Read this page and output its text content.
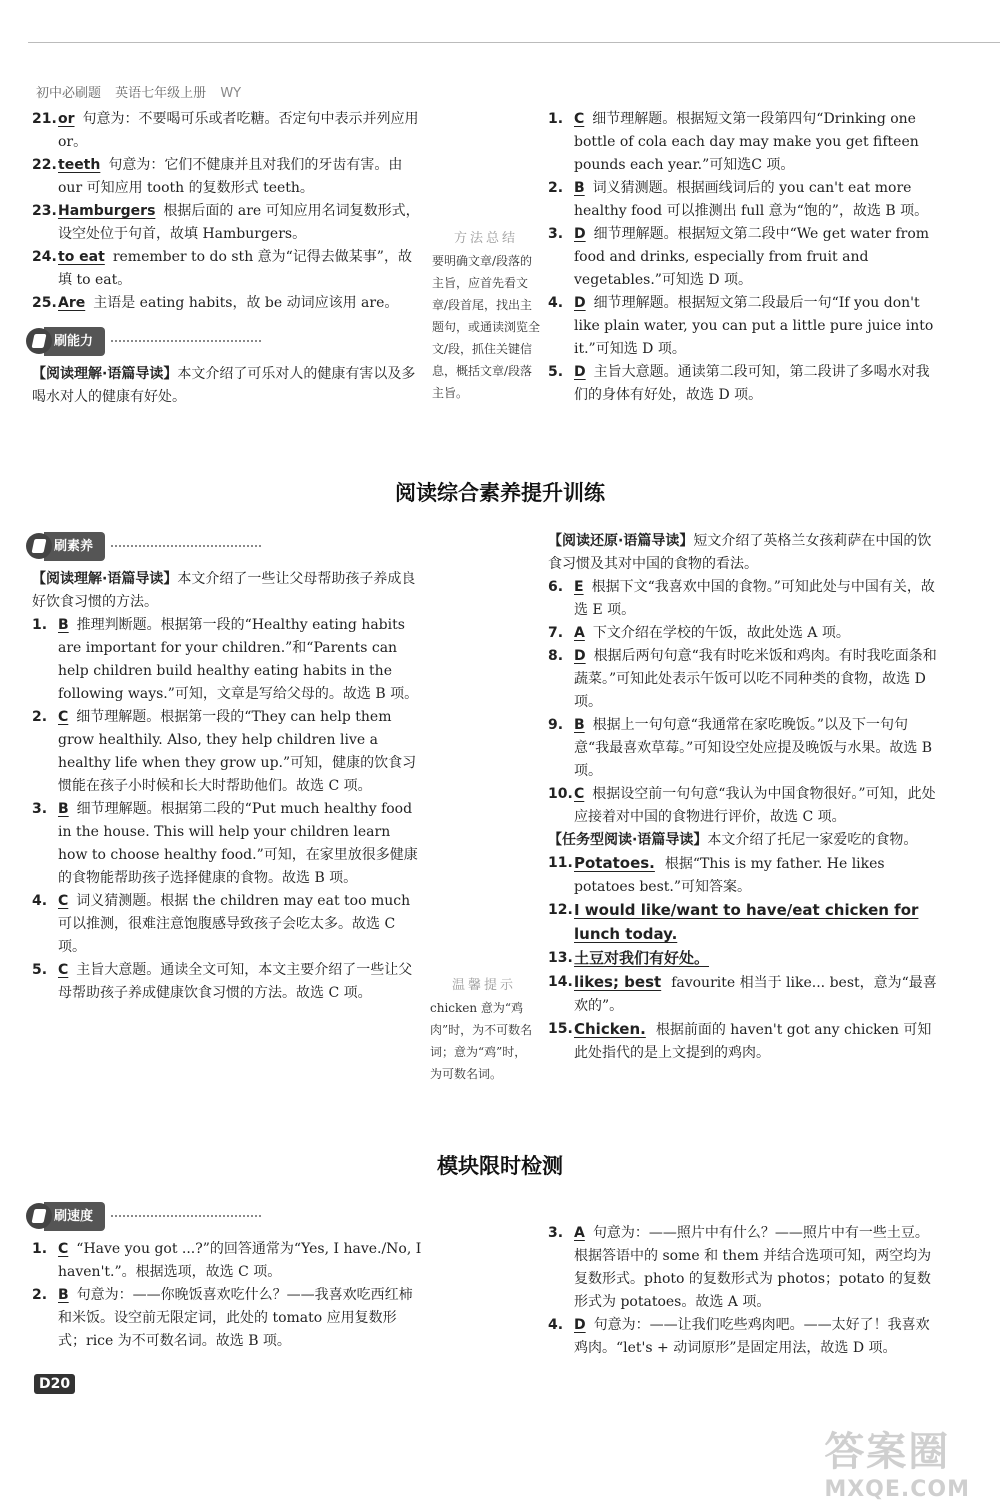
初中必刷题 英语七年级上册 WY
21. or 句意为：不要喝可乐或者吃糖。否定句中表示并列应用 or。
22. teeth 句意为：它们不健康并且对我们的牙齿有害。由 our 可知应用 tooth 的复数形式 teeth。
23. Hamburgers 根据后面的 are 可知应用名词复数形式，设空处位于句首，故填 Hamburgers。
24. to eat remember to do sth 意为“记得去做某事”，故填 to eat。
25. Are 主语是 eating habits，故 be 动词应该用 are。
刷能力
【阅读理解·语篇导读】本文介绍了可乐对人的健康有害以及多喝水对人的健康有好处。
方法总结
要明确文章/段落的主旨，应首先看文章/段首尾，找出主题句，或通读浏览全文/段，抓住关键信息，概括文章/段落主旨。
1. C 细节理解题。根据短文第一段第四句“Drinking one bottle of cola each day may make you get fifteen pounds each year.”可知选C 项。
2. B 词义猜测题。根据画线词后的 you can't eat more healthy food 可以推测出 full 意为“饱的”，故选 B 项。
3. D 细节理解题。根据短文第二段中“We get water from food and drinks, especially from fruit and vegetables.”可知选 D 项。
4. D 细节理解题。根据短文第二段最后一句“If you don't like plain water, you can put a little pure juice into it.”可知选 D 项。
5. D 主旨大意题。通读第二段可知，第二段讲了多喝水对我们的身体有好处，故选 D 项。
阅读综合素养提升训练
刷素养
【阅读理解·语篇导读】本文介绍了一些让父母帮助孩子养成良好饮食习惯的方法。
1. B 推理判断题。根据第一段的“Healthy eating habits are important for your children.”和“Parents can help children build healthy eating habits in the following ways.”可知，文章是写给父母的。故选 B 项。
2. C 细节理解题。根据第一段的“They can help them grow healthily. Also, they help children live a healthy life when they grow up.”可知，健康的饮食习惯能在孩子小时候和长大时帮助他们。故选 C 项。
3. B 细节理解题。根据第二段的“Put much healthy food in the house. This will help your children learn how to choose healthy food.”可知，在家里放很多健康的食物能帮助孩子选择健康的食物。故选 B 项。
4. C 词义猜测题。根据 the children may eat too much 可以推测，很难注意饱腹感导致孩子会吃太多。故选 C 项。
5. C 主旨大意题。通读全文可知，本文主要介绍了一些让父母帮助孩子养成健康饮食习惯的方法。故选 C 项。	温馨提示
chicken 意为“鸡肉”时，为不可数名词；意为“鸡”时，为可数名词。
【阅读还原·语篇导读】短文介绍了英格兰女孩莉萨在中国的饮食习惯及其对中国的食物的看法。
6. E 根据下文“我喜欢中国的食物。”可知此处与中国有关，故选 E 项。
7. A 下文介绍在学校的午饭，故此处选 A 项。
8. D 根据后两句句意“我有时吃米饭和鸡肉。有时我吃面条和蔬菜。”可知此处表示午饭可以吃不同种类的食物，故选 D 项。
9. B 根据上一句句意“我通常在家吃晚饭。”以及下一句句意“我最喜欢草莓。”可知设空处应提及晚饭与水果。故选 B 项。
10. C 根据设空前一句句意“我认为中国食物很好。”可知，此处应接着对中国的食物进行评价，故选 C 项。
【任务型阅读·语篇导读】本文介绍了托尼一家爱吃的食物。
11. Potatoes. 根据“This is my father. He likes potatoes best.”可知答案。
12. I would like/want to have/eat chicken for lunch today.
13. 土豆对我们有好处。
14. likes; best favourite 相当于 like... best，意为“最喜欢的”。
15. Chicken. 根据前面的 haven't got any chicken 可知此处指代的是上文提到的鸡肉。
模块限时检测
刷速度
1. C “Have you got ...?”的回答通常为“Yes, I have./No, I haven't.”。根据选项，故选 C 项。
2. B 句意为：——你晚饭喜欢吃什么？——我喜欢吃西红柿和米饭。设空前无限定词，此处的 tomato 应用复数形式；rice 为不可数名词。故选 B 项。
3. A 句意为：——照片中有什么？——照片中有一些土豆。根据答语中的 some 和 them 并结合选项可知，两空均为复数形式。photo 的复数形式为 photos；potato 的复数形式为 potatoes。故选 A 项。
4. D 句意为：——让我们吃些鸡肉吧。——太好了！我喜欢鸡肉。“let's + 动词原形”是固定用法，故选 D 项。
D20
答案圈
MXQE.COM
